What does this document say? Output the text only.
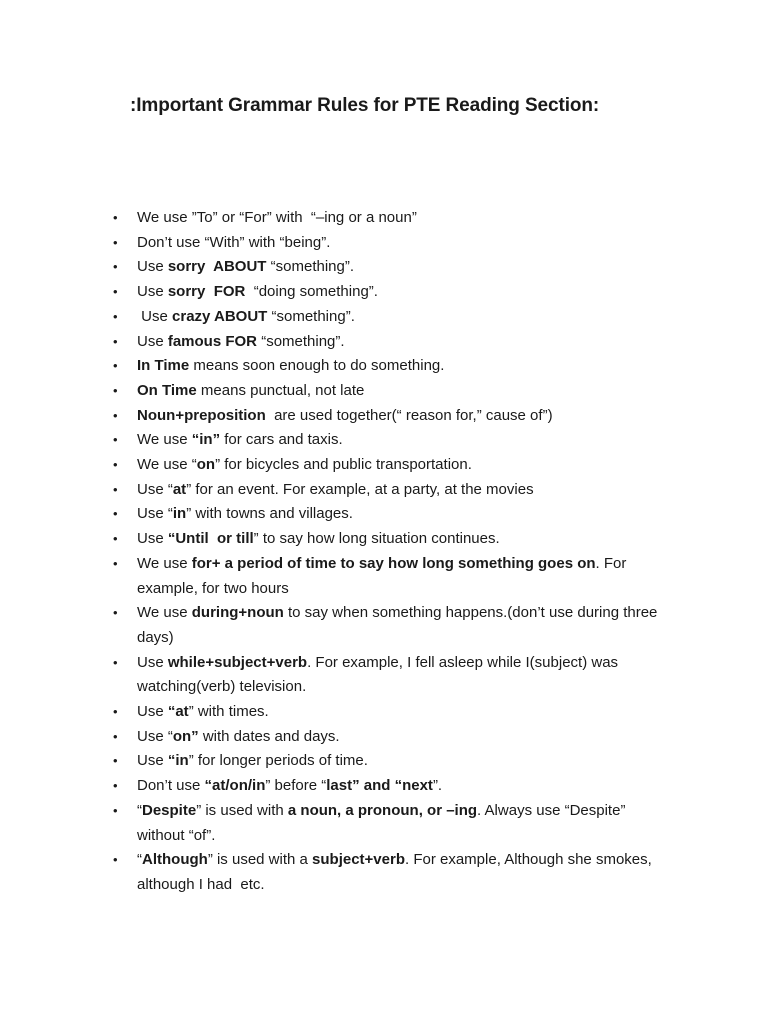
:Important Grammar Rules for PTE Reading Section:
• We use ”To” or “For” with  “–ing or a noun”
• Don’t use “With” with “being”.
• Use sorry  ABOUT “something”.
• Use sorry  FOR  “doing something”.
• Use crazy ABOUT “something”.
• Use famous FOR “something”.
• In Time means soon enough to do something.
• On Time means punctual, not late
• Noun+preposition  are used together(“ reason for,” cause of”)
• We use “in” for cars and taxis.
• We use “on” for bicycles and public transportation.
• Use “at” for an event. For example, at a party, at the movies
• Use “in” with towns and villages.
• Use “Until  or till” to say how long situation continues.
• We use for+ a period of time to say how long something goes on. For example, for two hours
• We use during+noun to say when something happens.(don’t use during three days)
• Use while+subject+verb. For example, I fell asleep while I(subject) was watching(verb) television.
• Use “at” with times.
• Use “on” with dates and days.
• Use “in” for longer periods of time.
• Don’t use “at/on/in” before “last” and “next”.
• “Despite” is used with a noun, a pronoun, or –ing. Always use “Despite” without “of”.
• “Although” is used with a subject+verb. For example, Although she smokes, although I had  etc.
